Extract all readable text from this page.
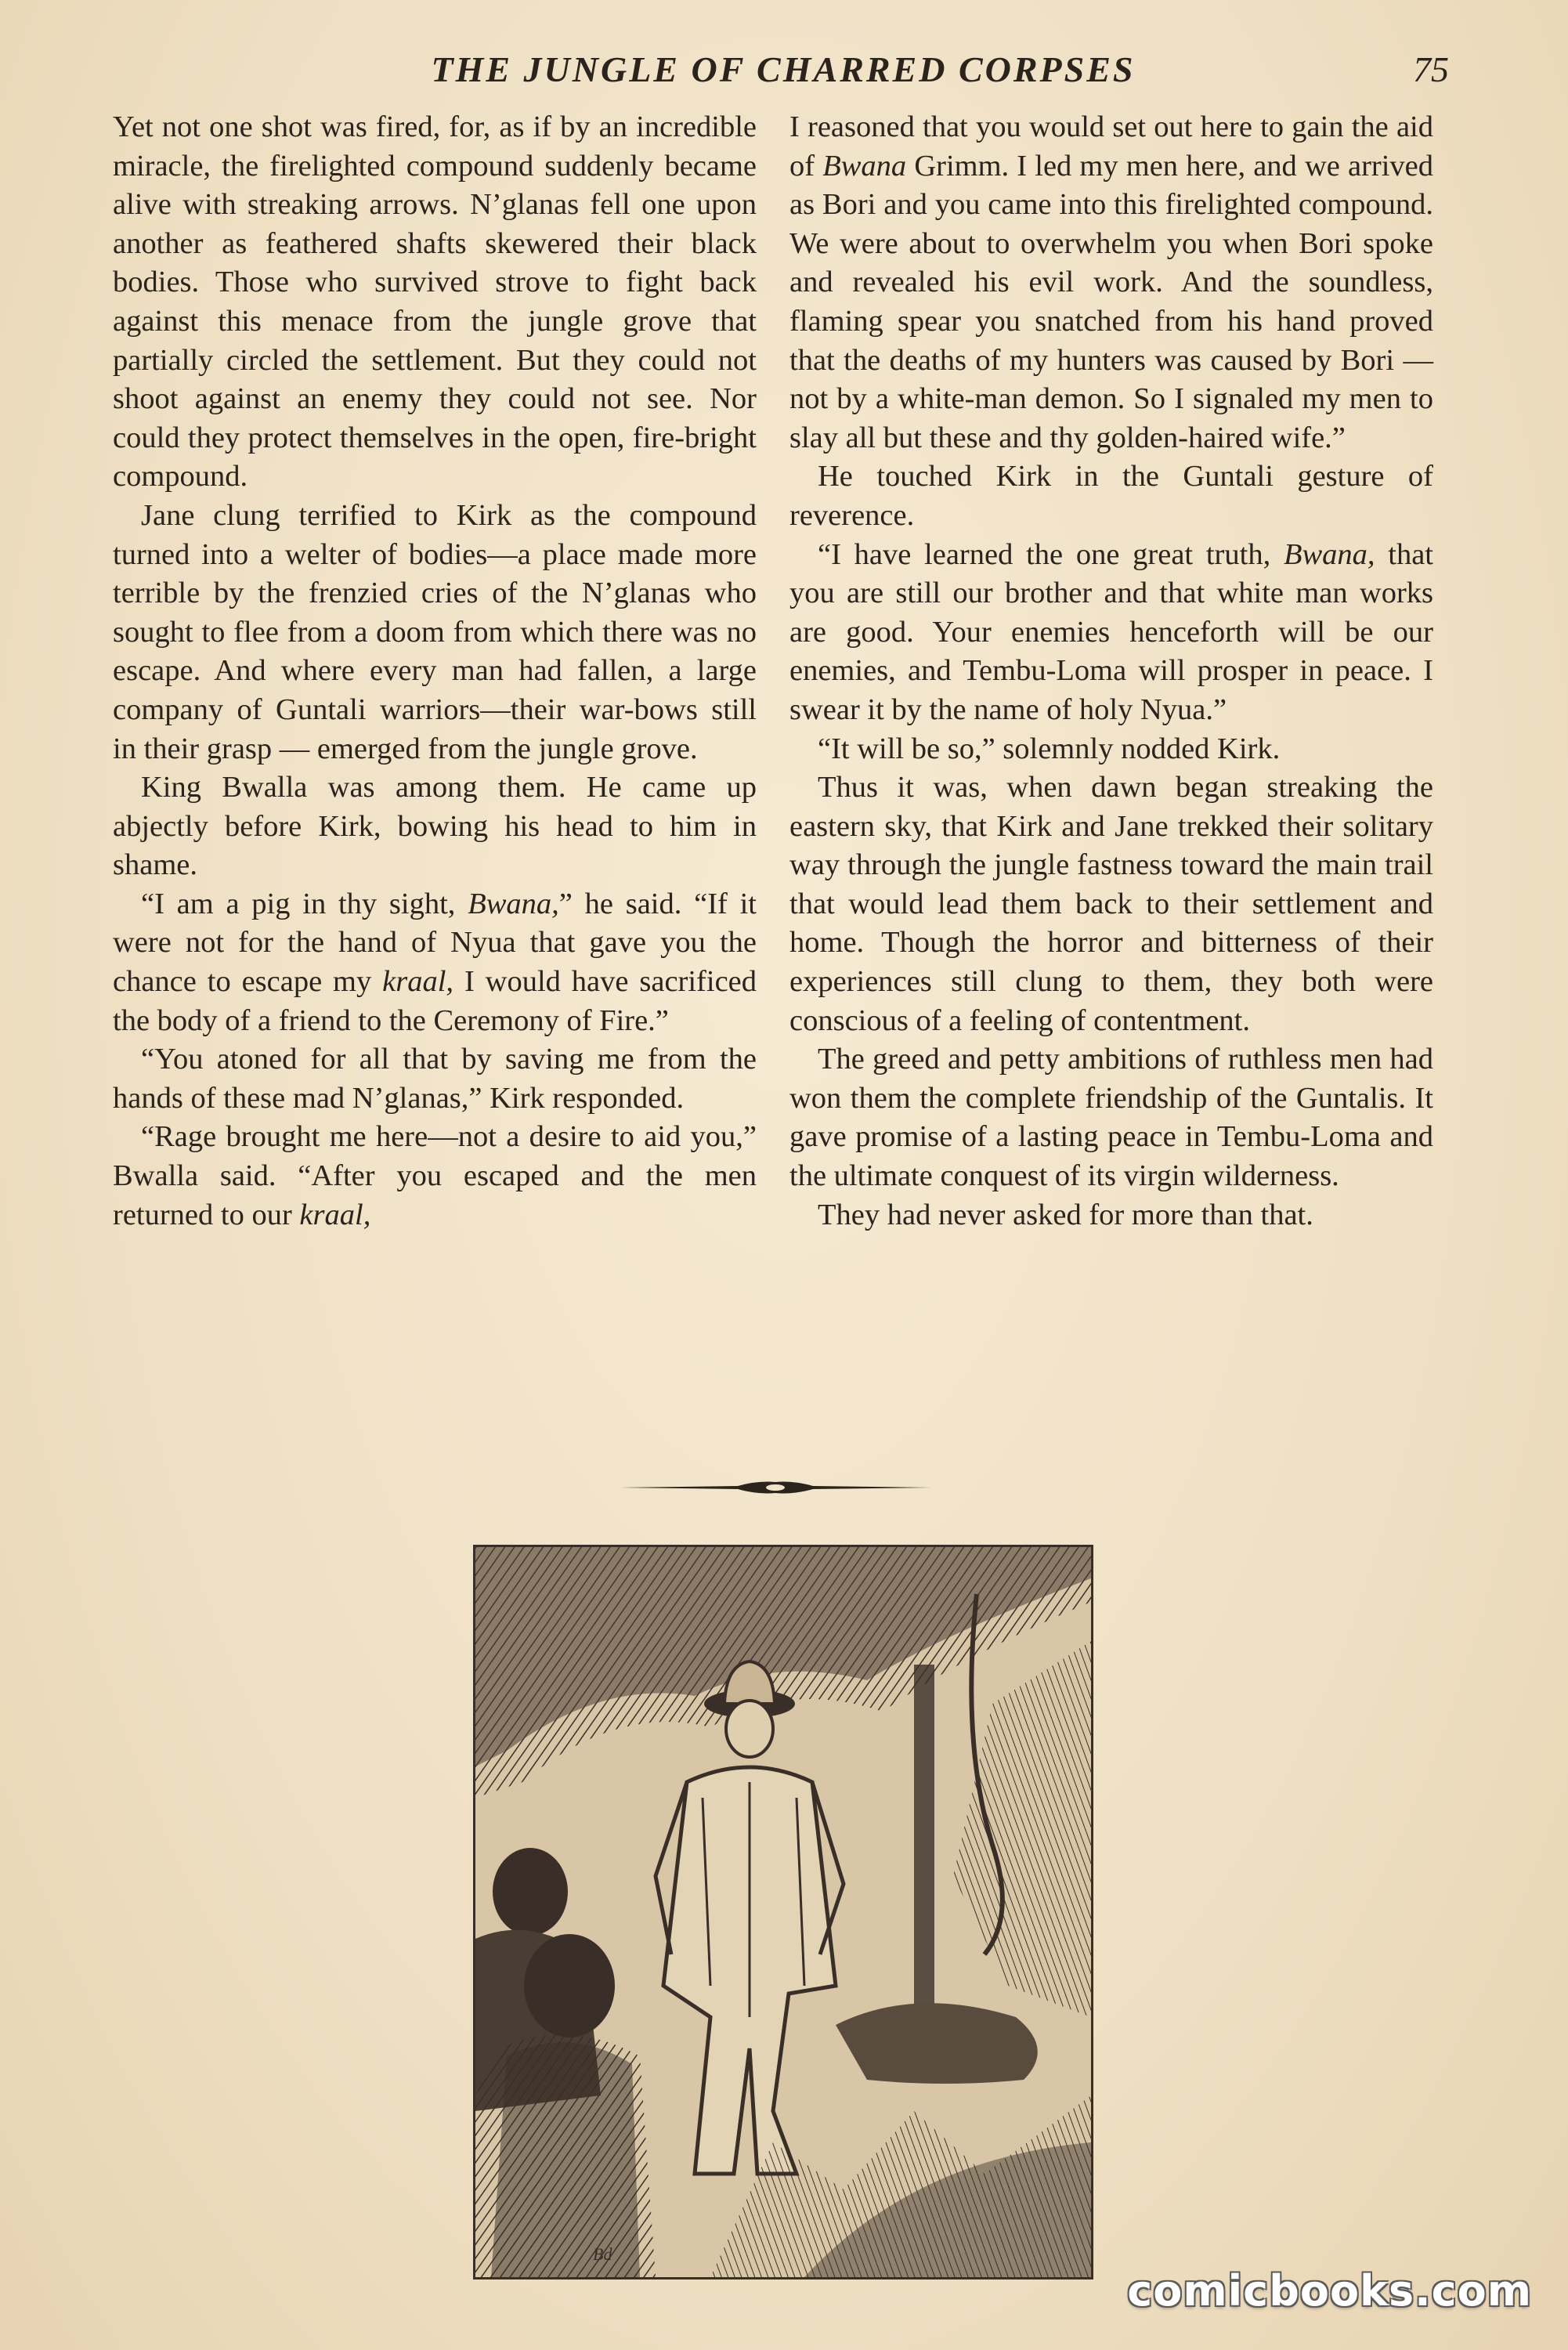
THE JUNGLE OF CHARRED CORPSES	75

Yet not one shot was fired, for, as if by an incredible miracle, the firelighted compound suddenly became alive with streaking arrows. N’glanas fell one upon another as feathered shafts skewered their black bodies. Those who survived strove to fight back against this menace from the jungle grove that partially circled the settlement. But they could not shoot against an enemy they could not see. Nor could they protect themselves in the open, fire-bright compound.

Jane clung terrified to Kirk as the compound turned into a welter of bodies—a place made more terrible by the frenzied cries of the N’glanas who sought to flee from a doom from which there was no escape. And where every man had fallen, a large company of Guntali warriors—their war-bows still in their grasp — emerged from the jungle grove.

King Bwalla was among them. He came up abjectly before Kirk, bowing his head to him in shame.

“I am a pig in thy sight, Bwana,” he said. “If it were not for the hand of Nyua that gave you the chance to escape my kraal, I would have sacrificed the body of a friend to the Ceremony of Fire.”

“You atoned for all that by saving me from the hands of these mad N’glanas,” Kirk responded.

“Rage brought me here—not a desire to aid you,” Bwalla said. “After you escaped and the men returned to our kraal,

I reasoned that you would set out here to gain the aid of Bwana Grimm. I led my men here, and we arrived as Bori and you came into this firelighted compound. We were about to overwhelm you when Bori spoke and revealed his evil work. And the soundless, flaming spear you snatched from his hand proved that the deaths of my hunters was caused by Bori — not by a white-man demon. So I signaled my men to slay all but these and thy golden-haired wife.”

He touched Kirk in the Guntali gesture of reverence.

“I have learned the one great truth, Bwana, that you are still our brother and that white man works are good. Your enemies henceforth will be our enemies, and Tembu-Loma will prosper in peace. I swear it by the name of holy Nyua.”

“It will be so,” solemnly nodded Kirk.

Thus it was, when dawn began streaking the eastern sky, that Kirk and Jane trekked their solitary way through the jungle fastness toward the main trail that would lead them back to their settlement and home. Though the horror and bitterness of their experiences still clung to them, they both were conscious of a feeling of contentment.

The greed and petty ambitions of ruthless men had won them the complete friendship of the Guntalis. It gave promise of a lasting peace in Tembu-Loma and the ultimate conquest of its virgin wilderness.

They had never asked for more than that.

Bd
comicbooks.com
